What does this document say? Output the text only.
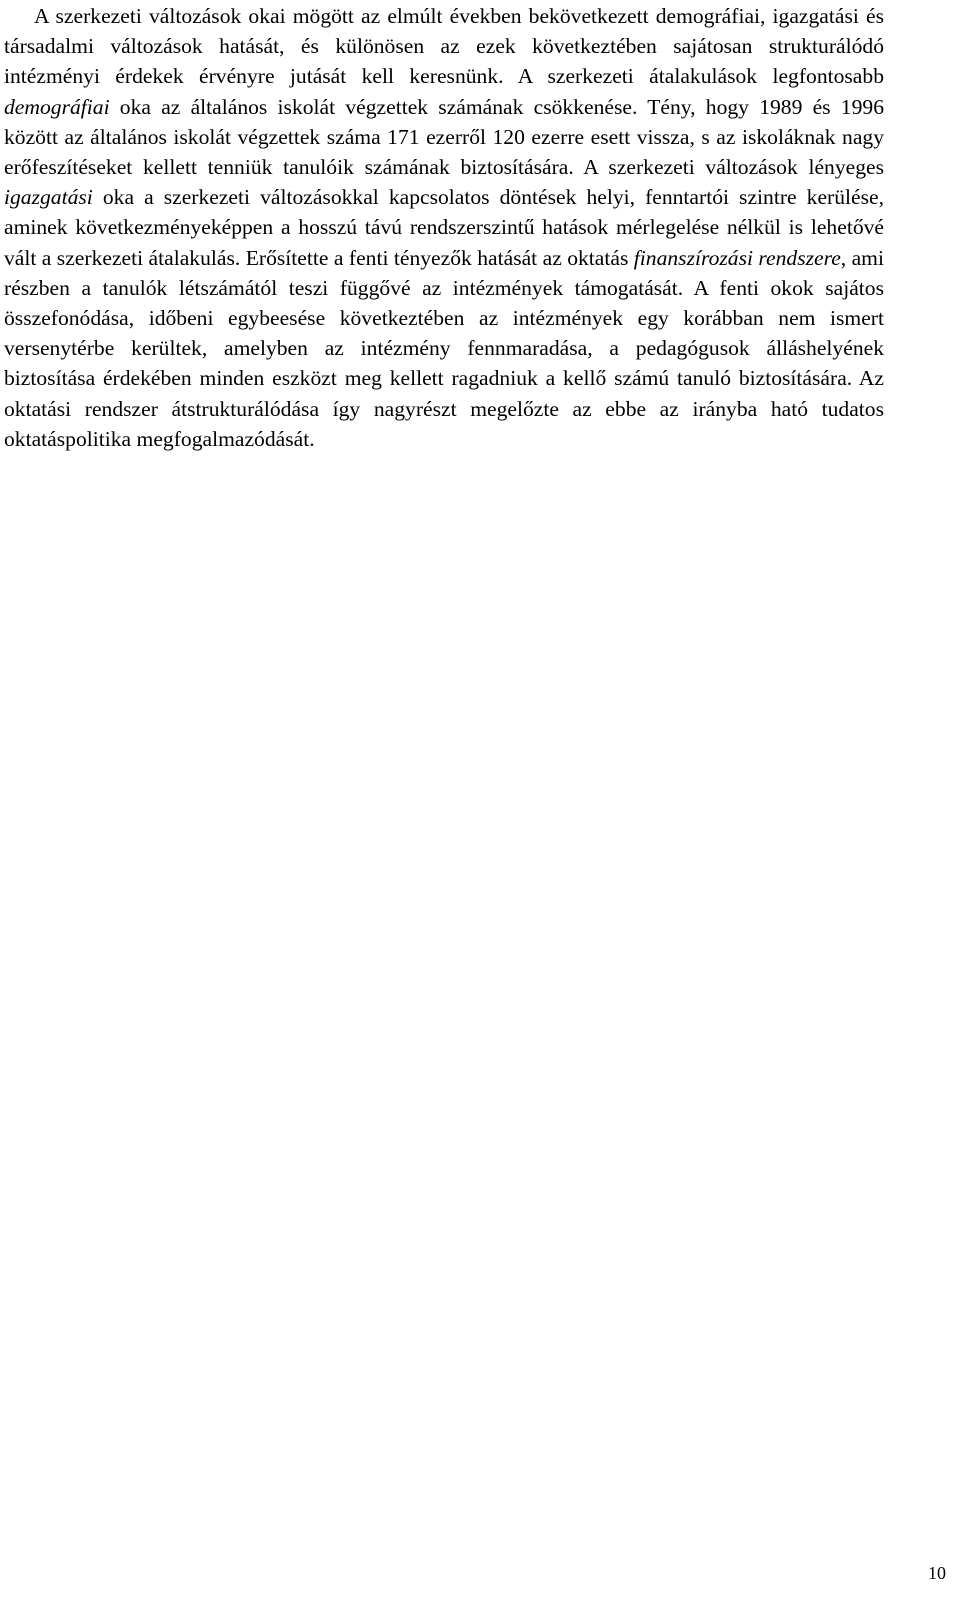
A szerkezeti változások okai mögött az elmúlt években bekövetkezett demográfiai, igazgatási és társadalmi változások hatását, és különösen az ezek következtében sajátosan strukturálódó intézményi érdekek érvényre jutását kell keresnünk. A szerkezeti átalakulások legfontosabb demográfiai oka az általános iskolát végzettek számának csökkenése. Tény, hogy 1989 és 1996 között az általános iskolát végzettek száma 171 ezerről 120 ezerre esett vissza, s az iskoláknak nagy erőfeszítéseket kellett tenniük tanulóik számának biztosítására. A szerkezeti változások lényeges igazgatási oka a szerkezeti változásokkal kapcsolatos döntések helyi, fenntartói szintre kerülése, aminek következményeképpen a hosszú távú rendszerszintű hatások mérlegelése nélkül is lehetővé vált a szerkezeti átalakulás. Erősítette a fenti tényezők hatását az oktatás finanszírozási rendszere, ami részben a tanulók létszámától teszi függővé az intézmények támogatását. A fenti okok sajátos összefonódása, időbeni egybeesése következtében az intézmények egy korábban nem ismert versenytérbe kerültek, amelyben az intézmény fennmaradása, a pedagógusok álláshelyének biztosítása érdekében minden eszközt meg kellett ragadniuk a kellő számú tanuló biztosítására. Az oktatási rendszer átstrukturálódása így nagyrészt megelőzte az ebbe az irányba ható tudatos oktatáspolitika megfogalmazódását.

10
